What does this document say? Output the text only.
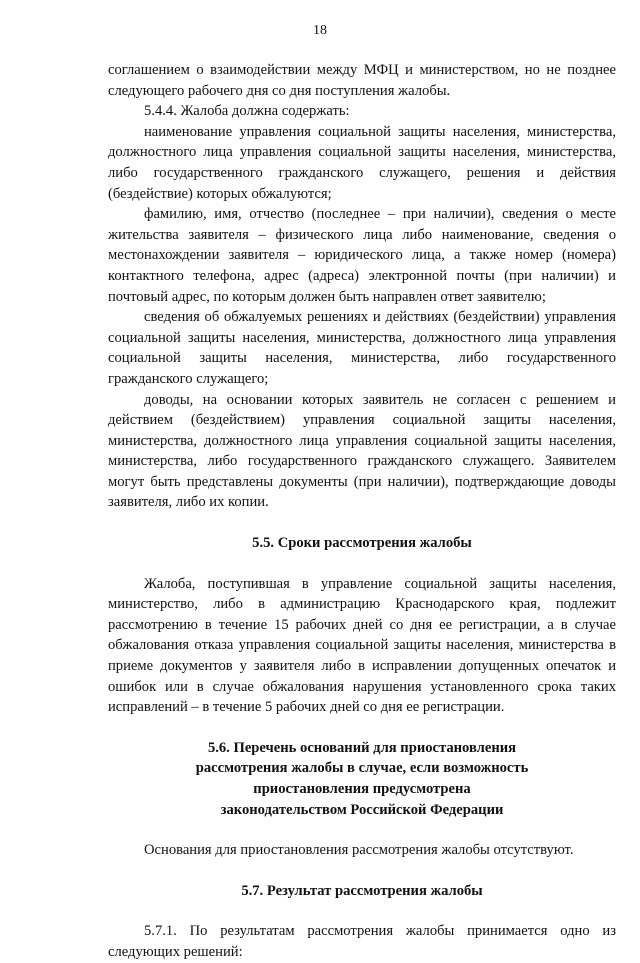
18

соглашением о взаимодействии между МФЦ и министерством, но не позднее следующего рабочего дня со дня поступления жалобы.

5.4.4. Жалоба должна содержать:

наименование управления социальной защиты населения, министерства, должностного лица управления социальной защиты населения, министерства, либо государственного гражданского служащего, решения и действия (бездействие) которых обжалуются;

фамилию, имя, отчество (последнее – при наличии), сведения о месте жительства заявителя – физического лица либо наименование, сведения о местонахождении заявителя – юридического лица, а также номер (номера) контактного телефона, адрес (адреса) электронной почты (при наличии) и почтовый адрес, по которым должен быть направлен ответ заявителю;

сведения об обжалуемых решениях и действиях (бездействии) управления социальной защиты населения, министерства, должностного лица управления социальной защиты населения, министерства, либо государственного гражданского служащего;

доводы, на основании которых заявитель не согласен с решением и действием (бездействием) управления социальной защиты населения, министерства, должностного лица управления социальной защиты населения, министерства, либо государственного гражданского служащего. Заявителем могут быть представлены документы (при наличии), подтверждающие доводы заявителя, либо их копии.

5.5. Сроки рассмотрения жалобы

Жалоба, поступившая в управление социальной защиты населения, министерство, либо в администрацию Краснодарского края, подлежит рассмотрению в течение 15 рабочих дней со дня ее регистрации, а в случае обжалования отказа управления социальной защиты населения, министерства в приеме документов у заявителя либо в исправлении допущенных опечаток и ошибок или в случае обжалования нарушения установленного срока таких исправлений – в течение 5 рабочих дней со дня ее регистрации.

5.6. Перечень оснований для приостановления

рассмотрения жалобы в случае, если возможность

приостановления предусмотрена

законодательством Российской Федерации

Основания для приостановления рассмотрения жалобы отсутствуют.

5.7. Результат рассмотрения жалобы

5.7.1. По результатам рассмотрения жалобы принимается одно из следующих решений:
